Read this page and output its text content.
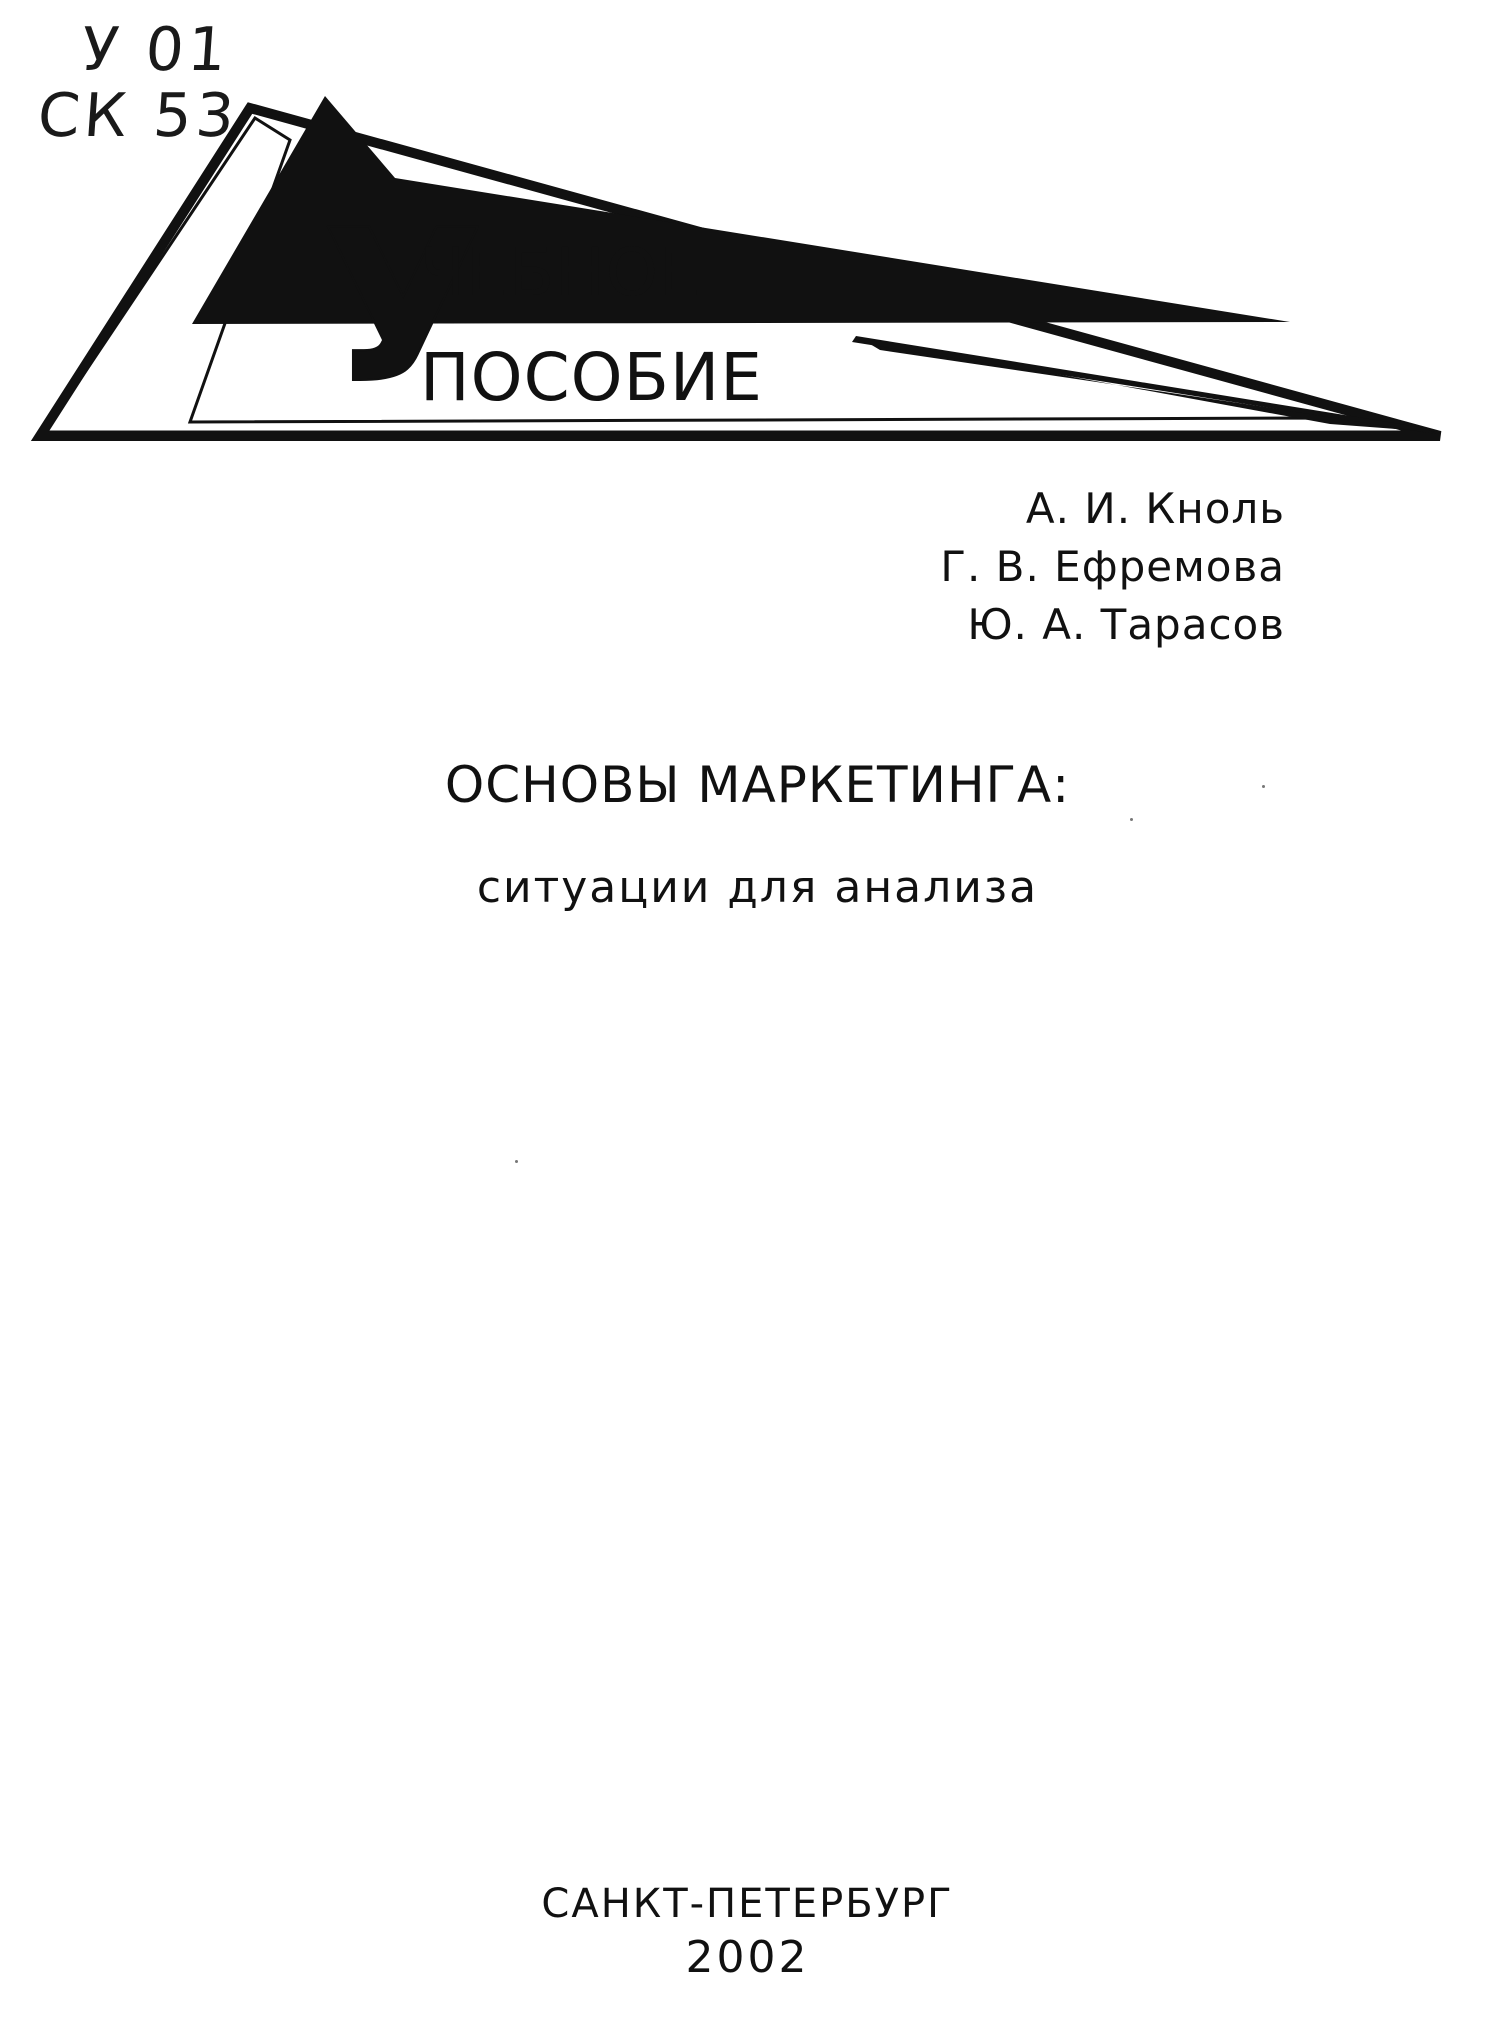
У 01
СК 53
У
ЧЕБНОЕ
ПОСОБИЕ
А. И. Кноль
Г. В. Ефремова
Ю. А. Тарасов
ОСНОВЫ МАРКЕТИНГА:
ситуации для анализа
САНКТ-ПЕТЕРБУРГ
2002
